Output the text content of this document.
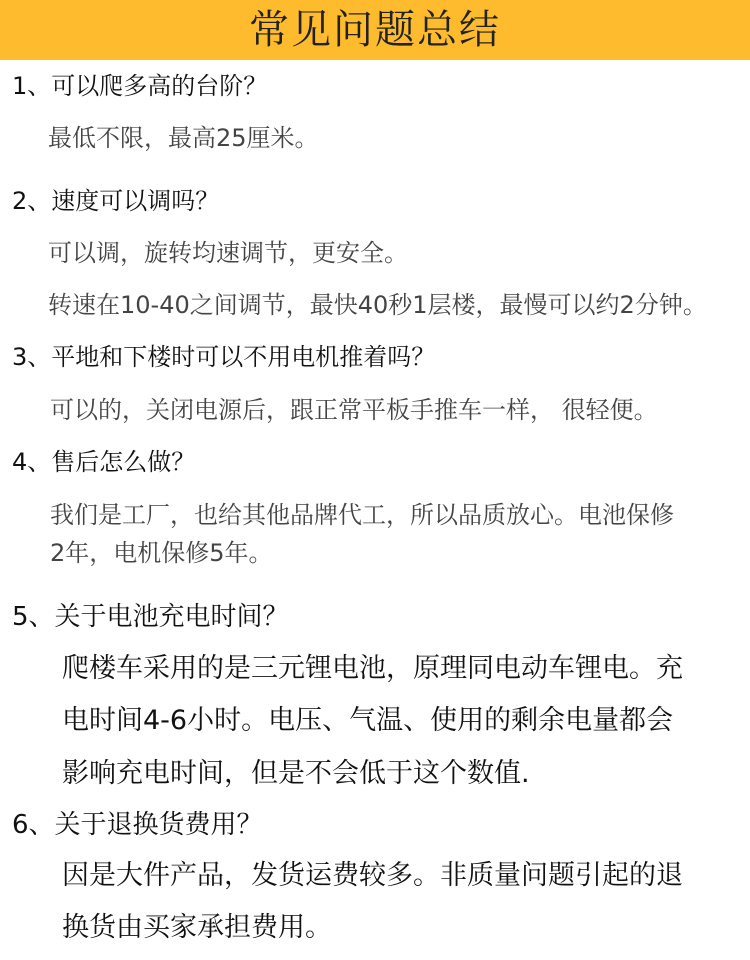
常见问题总结
1、可以爬多高的台阶？
最低不限，最高25厘米。
2、速度可以调吗？
可以调，旋转均速调节，更安全。
转速在10-40之间调节，最快40秒1层楼，最慢可以约2分钟。
3、平地和下楼时可以不用电机推着吗？
可以的，关闭电源后，跟正常平板手推车一样， 很轻便。
4、售后怎么做？
我们是工厂，也给其他品牌代工，所以品质放心。电池保修
2年，电机保修5年。
5、关于电池充电时间？
爬楼车采用的是三元锂电池，原理同电动车锂电。充
电时间4-6小时。电压、气温、使用的剩余电量都会
影响充电时间，但是不会低于这个数值.
6、关于退换货费用？
因是大件产品，发货运费较多。非质量问题引起的退
换货由买家承担费用。
